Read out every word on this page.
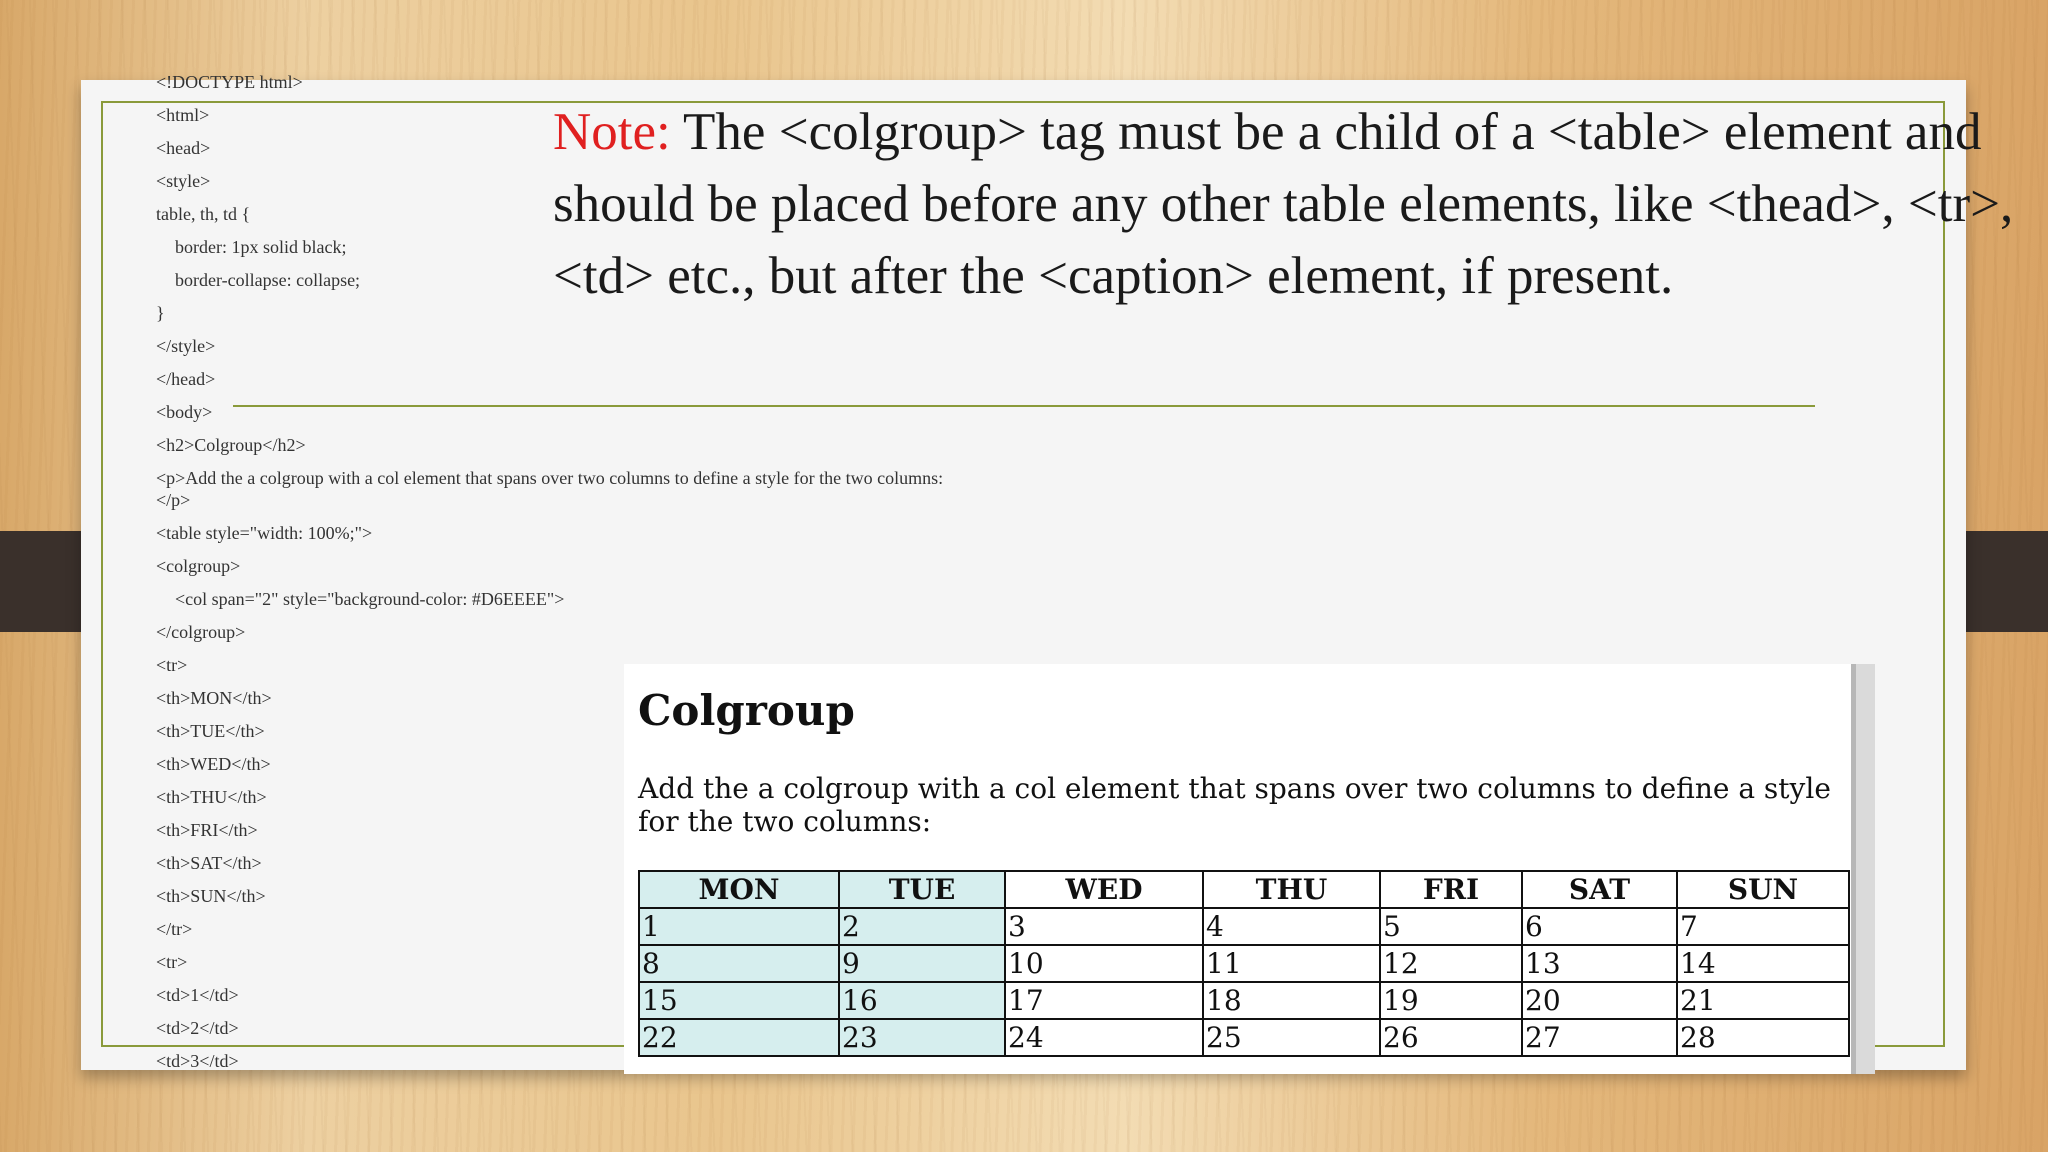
<!DOCTYPE html>
<html>
<head>
<style>
table, th, td {
border: 1px solid black;
border-collapse: collapse;
}
</style>
</head>
<body>
<h2>Colgroup</h2>
<p>Add the a colgroup with a col element that spans over two columns to define a style for the two columns:</p>
<table style="width: 100%;">
<colgroup>
<col span="2" style="background-color: #D6EEEE">
</colgroup>
<tr>
<th>MON</th>
<th>TUE</th>
<th>WED</th>
<th>THU</th>
<th>FRI</th>
<th>SAT</th>
<th>SUN</th>
</tr>
<tr>
<td>1</td>
<td>2</td>
<td>3</td>

Note: The <colgroup> tag must be a child of a <table> element and should be placed before any other table elements, like <thead>, <tr>, <td> etc., but after the <caption> element, if present.

Colgroup

Add the a colgroup with a col element that spans over two columns to define a style for the two columns:

MON	TUE	WED	THU	FRI	SAT	SUN
1	2	3	4	5	6	7
8	9	10	11	12	13	14
15	16	17	18	19	20	21
22	23	24	25	26	27	28
